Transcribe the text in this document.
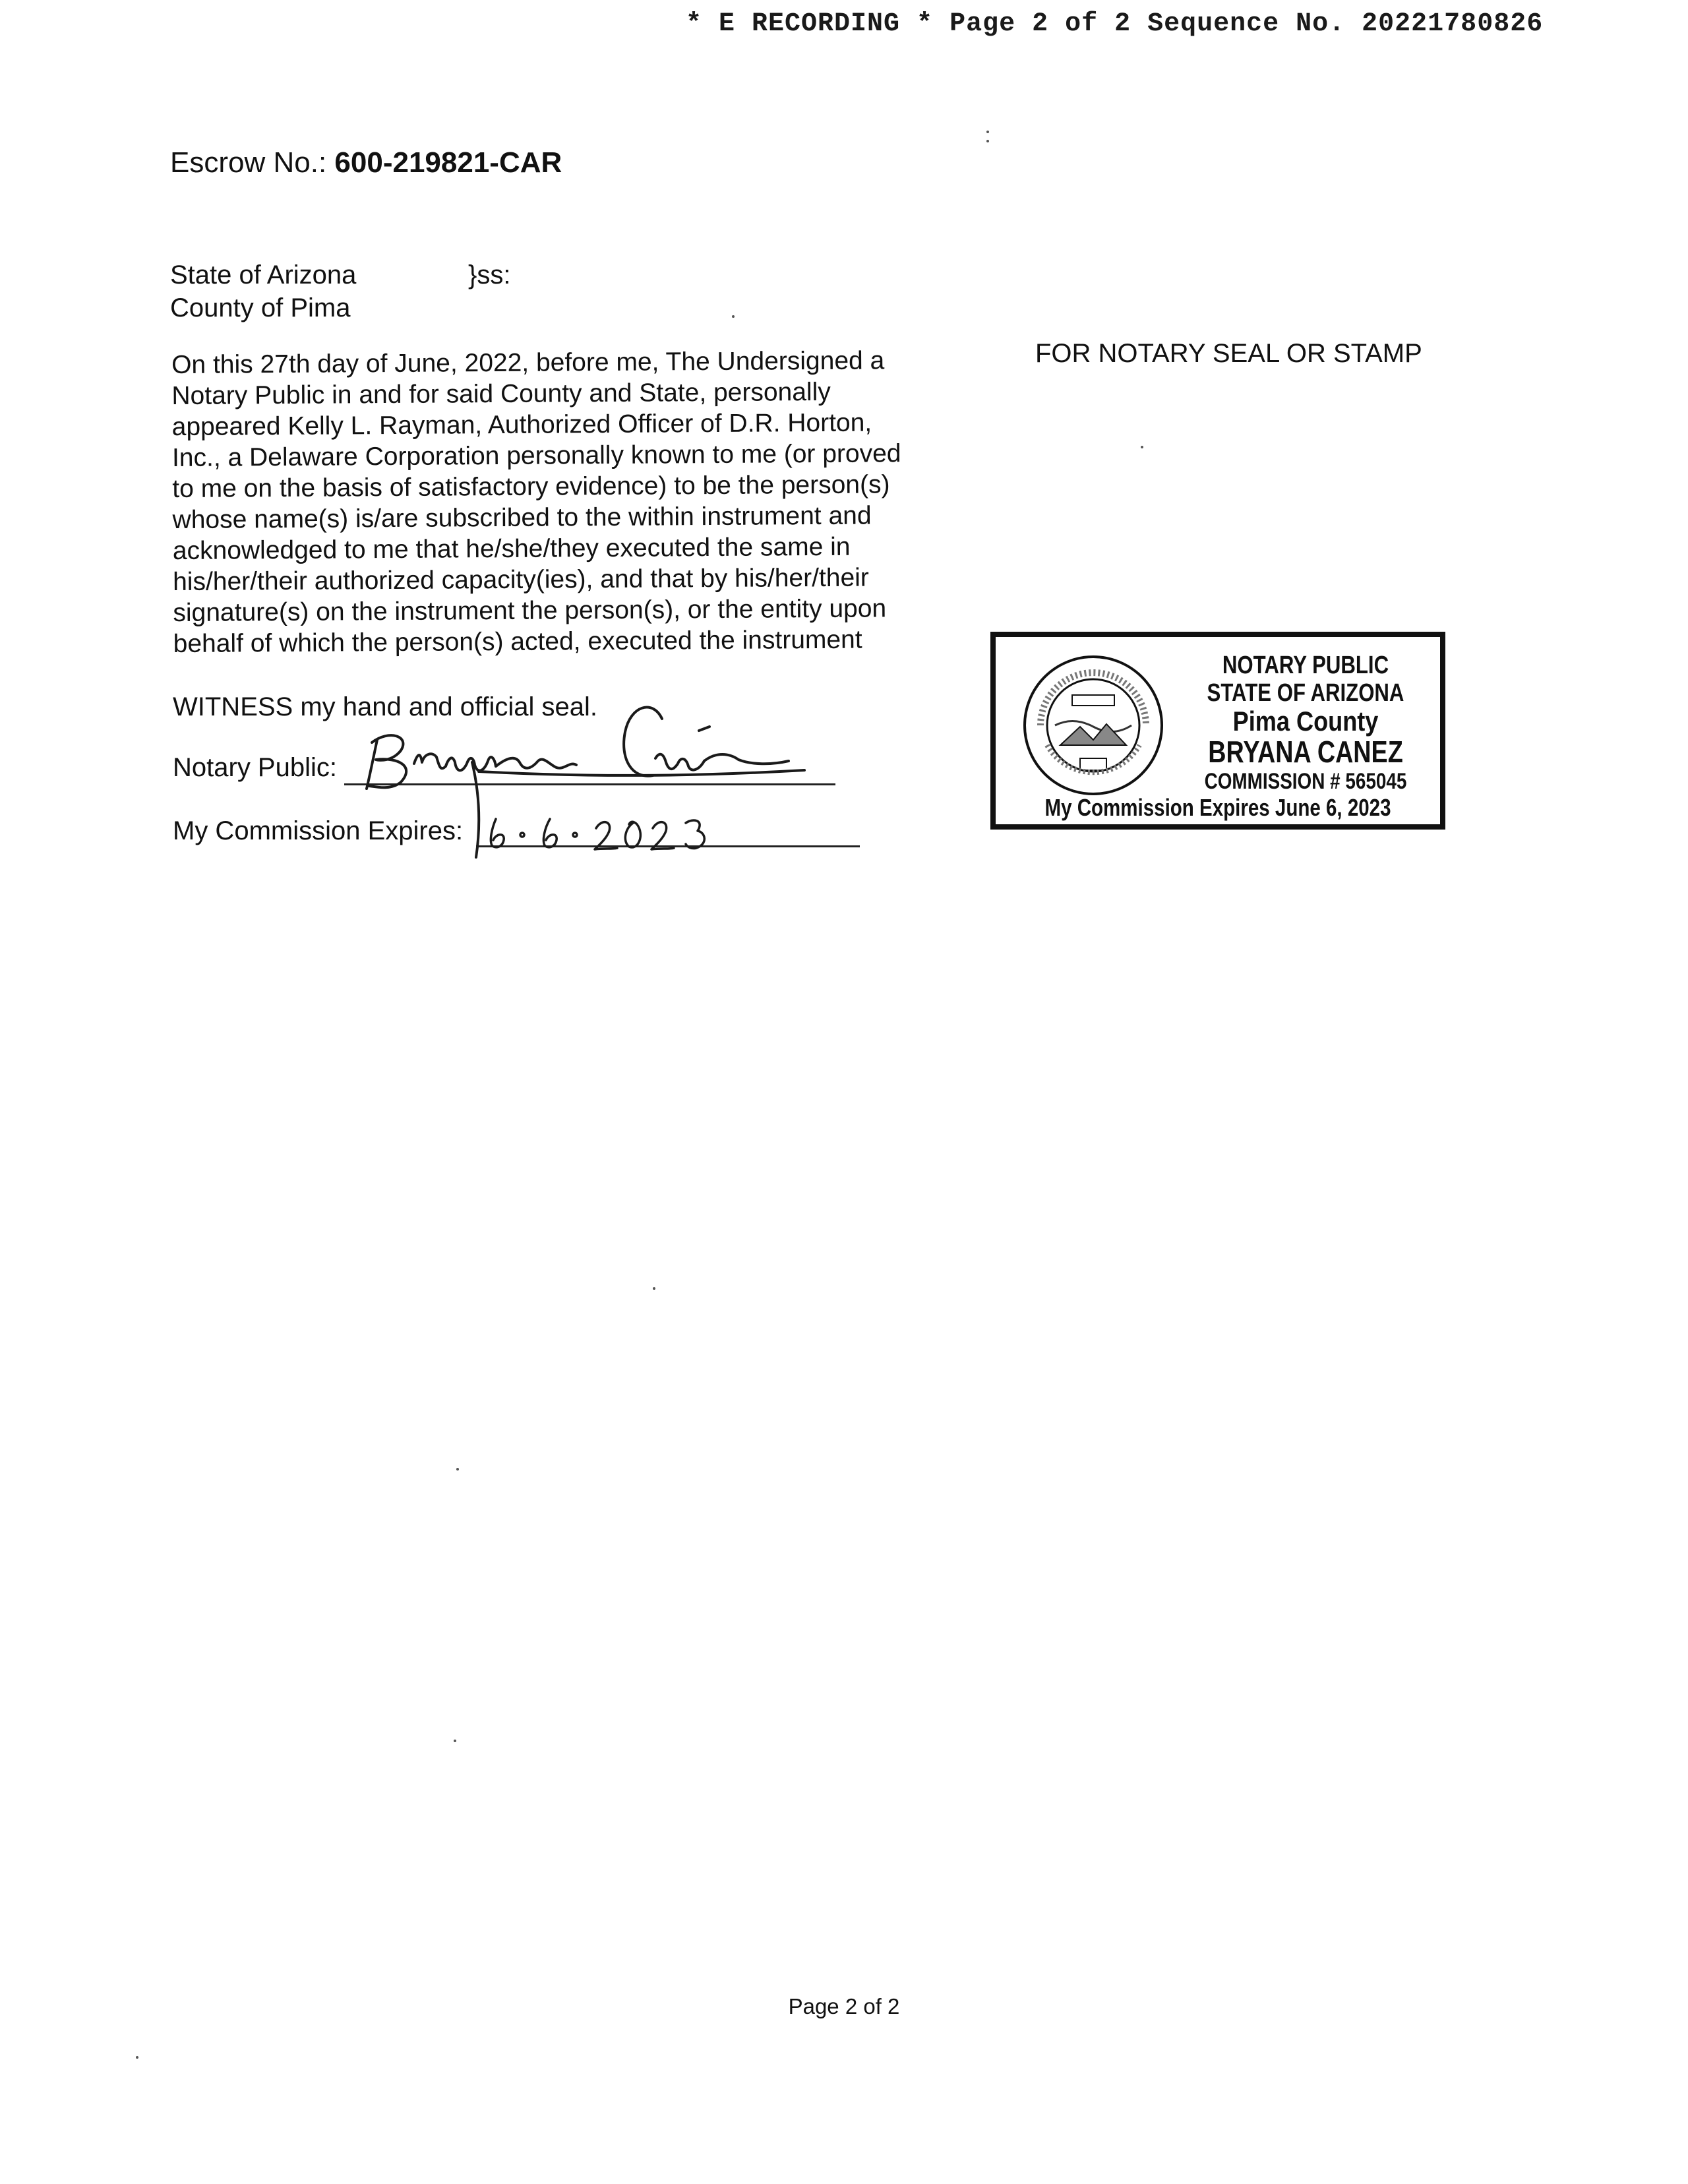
* E RECORDING * Page 2 of 2 Sequence No. 20221780826
Escrow No.: 600-219821-CAR
State of Arizona
County of Pima
}ss:
On this 27th day of June, 2022, before me, The Undersigned a
Notary Public in and for said County and State, personally
appeared Kelly L. Rayman, Authorized Officer of D.R. Horton,
Inc., a Delaware Corporation personally known to me (or proved
to me on the basis of satisfactory evidence) to be the person(s)
whose name(s) is/are subscribed to the within instrument and
acknowledged to me that he/she/they executed the same in
his/her/their authorized capacity(ies), and that by his/her/their
signature(s) on the instrument the person(s), or the entity upon
behalf of which the person(s) acted, executed the instrument
FOR NOTARY SEAL OR STAMP
WITNESS my hand and official seal.
Notary Public:
My Commission Expires:
6·6·2023
NOTARY PUBLIC
STATE OF ARIZONA
Pima County
BRYANA CANEZ
COMMISSION # 565045
My Commission Expires June 6, 2023
Page 2 of 2
